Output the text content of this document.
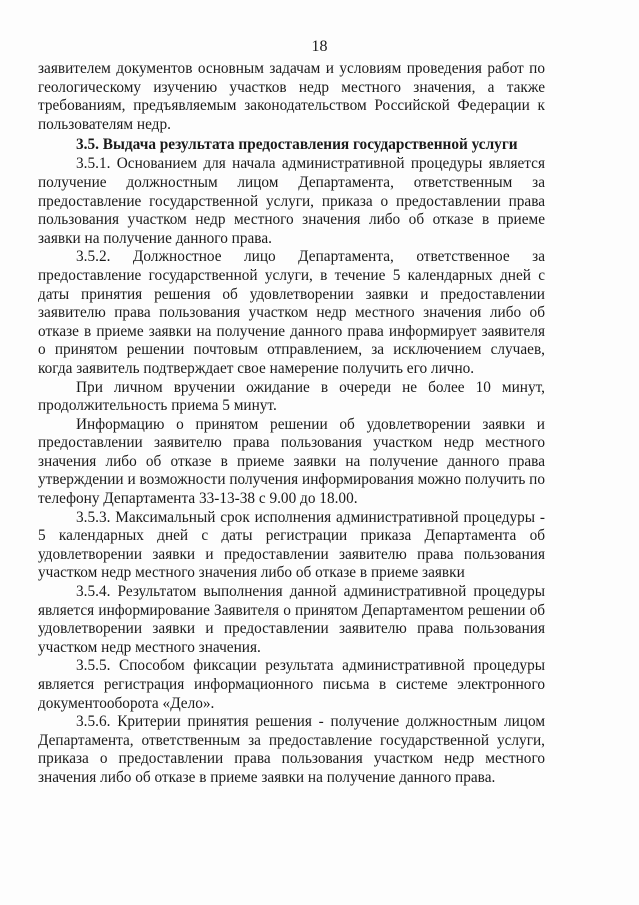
18

заявителем документов основным задачам и условиям проведения работ по геологическому изучению участков недр местного значения, а также требованиям, предъявляемым законодательством Российской Федерации к пользователям недр.

3.5. Выдача результата предоставления государственной услуги

3.5.1. Основанием для начала административной процедуры является получение должностным лицом Департамента, ответственным за предоставление государственной услуги, приказа о предоставлении права пользования участком недр местного значения либо об отказе в приеме заявки на получение данного права.

3.5.2. Должностное лицо Департамента, ответственное за предоставление государственной услуги, в течение 5 календарных дней с даты принятия решения об удовлетворении заявки и предоставлении заявителю права пользования участком недр местного значения либо об отказе в приеме заявки на получение данного права информирует заявителя о принятом решении почтовым отправлением, за исключением случаев, когда заявитель подтверждает свое намерение получить его лично.

При личном вручении ожидание в очереди не более 10 минут, продолжительность приема 5 минут.

Информацию о принятом решении об удовлетворении заявки и предоставлении заявителю права пользования участком недр местного значения либо об отказе в приеме заявки на получение данного права утверждении и возможности получения информирования можно получить по телефону Департамента 33-13-38 с 9.00 до 18.00.

3.5.3. Максимальный срок исполнения административной процедуры - 5 календарных дней с даты регистрации приказа Департамента об удовлетворении заявки и предоставлении заявителю права пользования участком недр местного значения либо об отказе в приеме заявки

3.5.4. Результатом выполнения данной административной процедуры является информирование Заявителя о принятом Департаментом решении об удовлетворении заявки и предоставлении заявителю права пользования участком недр местного значения.

3.5.5. Способом фиксации результата административной процедуры является регистрация информационного письма в системе электронного документооборота «Дело».

3.5.6. Критерии принятия решения - получение должностным лицом Департамента, ответственным за предоставление государственной услуги, приказа о предоставлении права пользования участком недр местного значения либо об отказе в приеме заявки на получение данного права.
